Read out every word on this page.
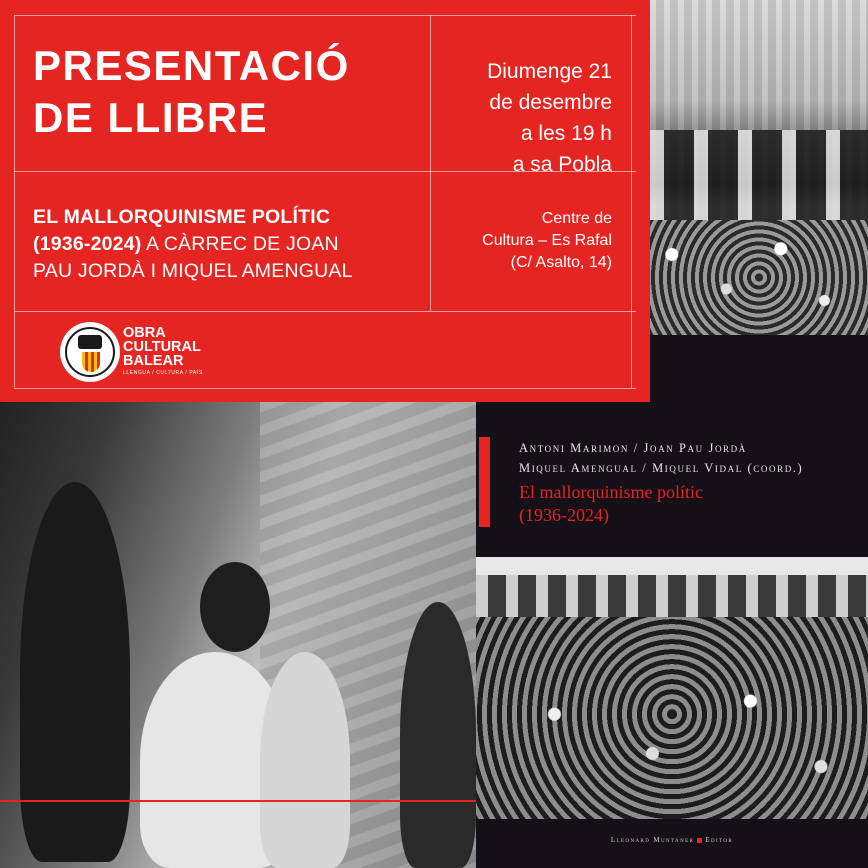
Antoni Marimon / Joan Pau Jordà
Miquel Amengual / Miquel Vidal (coord.)
El mallorquinisme polític
(1936-2024)
Lleonard Muntaner Editor
PRESENTACIÓ
DE LLIBRE
EL MALLORQUINISME POLÍTIC
(1936-2024) A CÀRREC DE JOAN
PAU JORDÀ I MIQUEL AMENGUAL
Diumenge 21
de desembre
a les 19 h
a sa Pobla
Centre de
Cultura – Es Rafal
(C/ Asalto, 14)
OBRA
CULTURAL
BALEAR
LLENGUA / CULTURA / PAÍS
